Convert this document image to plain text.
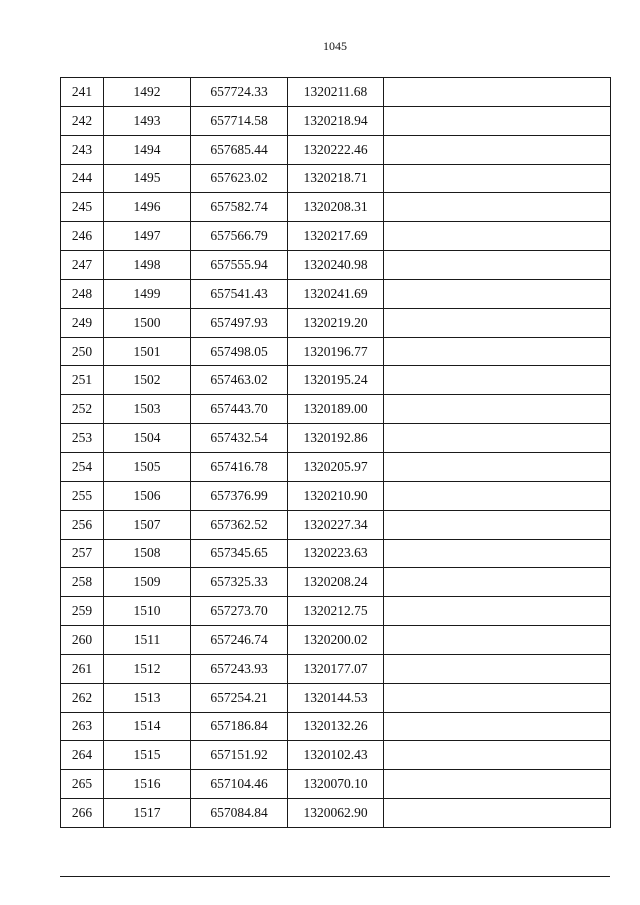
1045
241	1492	657724.33	1320211.68	
242	1493	657714.58	1320218.94	
243	1494	657685.44	1320222.46	
244	1495	657623.02	1320218.71	
245	1496	657582.74	1320208.31	
246	1497	657566.79	1320217.69	
247	1498	657555.94	1320240.98	
248	1499	657541.43	1320241.69	
249	1500	657497.93	1320219.20	
250	1501	657498.05	1320196.77	
251	1502	657463.02	1320195.24	
252	1503	657443.70	1320189.00	
253	1504	657432.54	1320192.86	
254	1505	657416.78	1320205.97	
255	1506	657376.99	1320210.90	
256	1507	657362.52	1320227.34	
257	1508	657345.65	1320223.63	
258	1509	657325.33	1320208.24	
259	1510	657273.70	1320212.75	
260	1511	657246.74	1320200.02	
261	1512	657243.93	1320177.07	
262	1513	657254.21	1320144.53	
263	1514	657186.84	1320132.26	
264	1515	657151.92	1320102.43	
265	1516	657104.46	1320070.10	
266	1517	657084.84	1320062.90	
